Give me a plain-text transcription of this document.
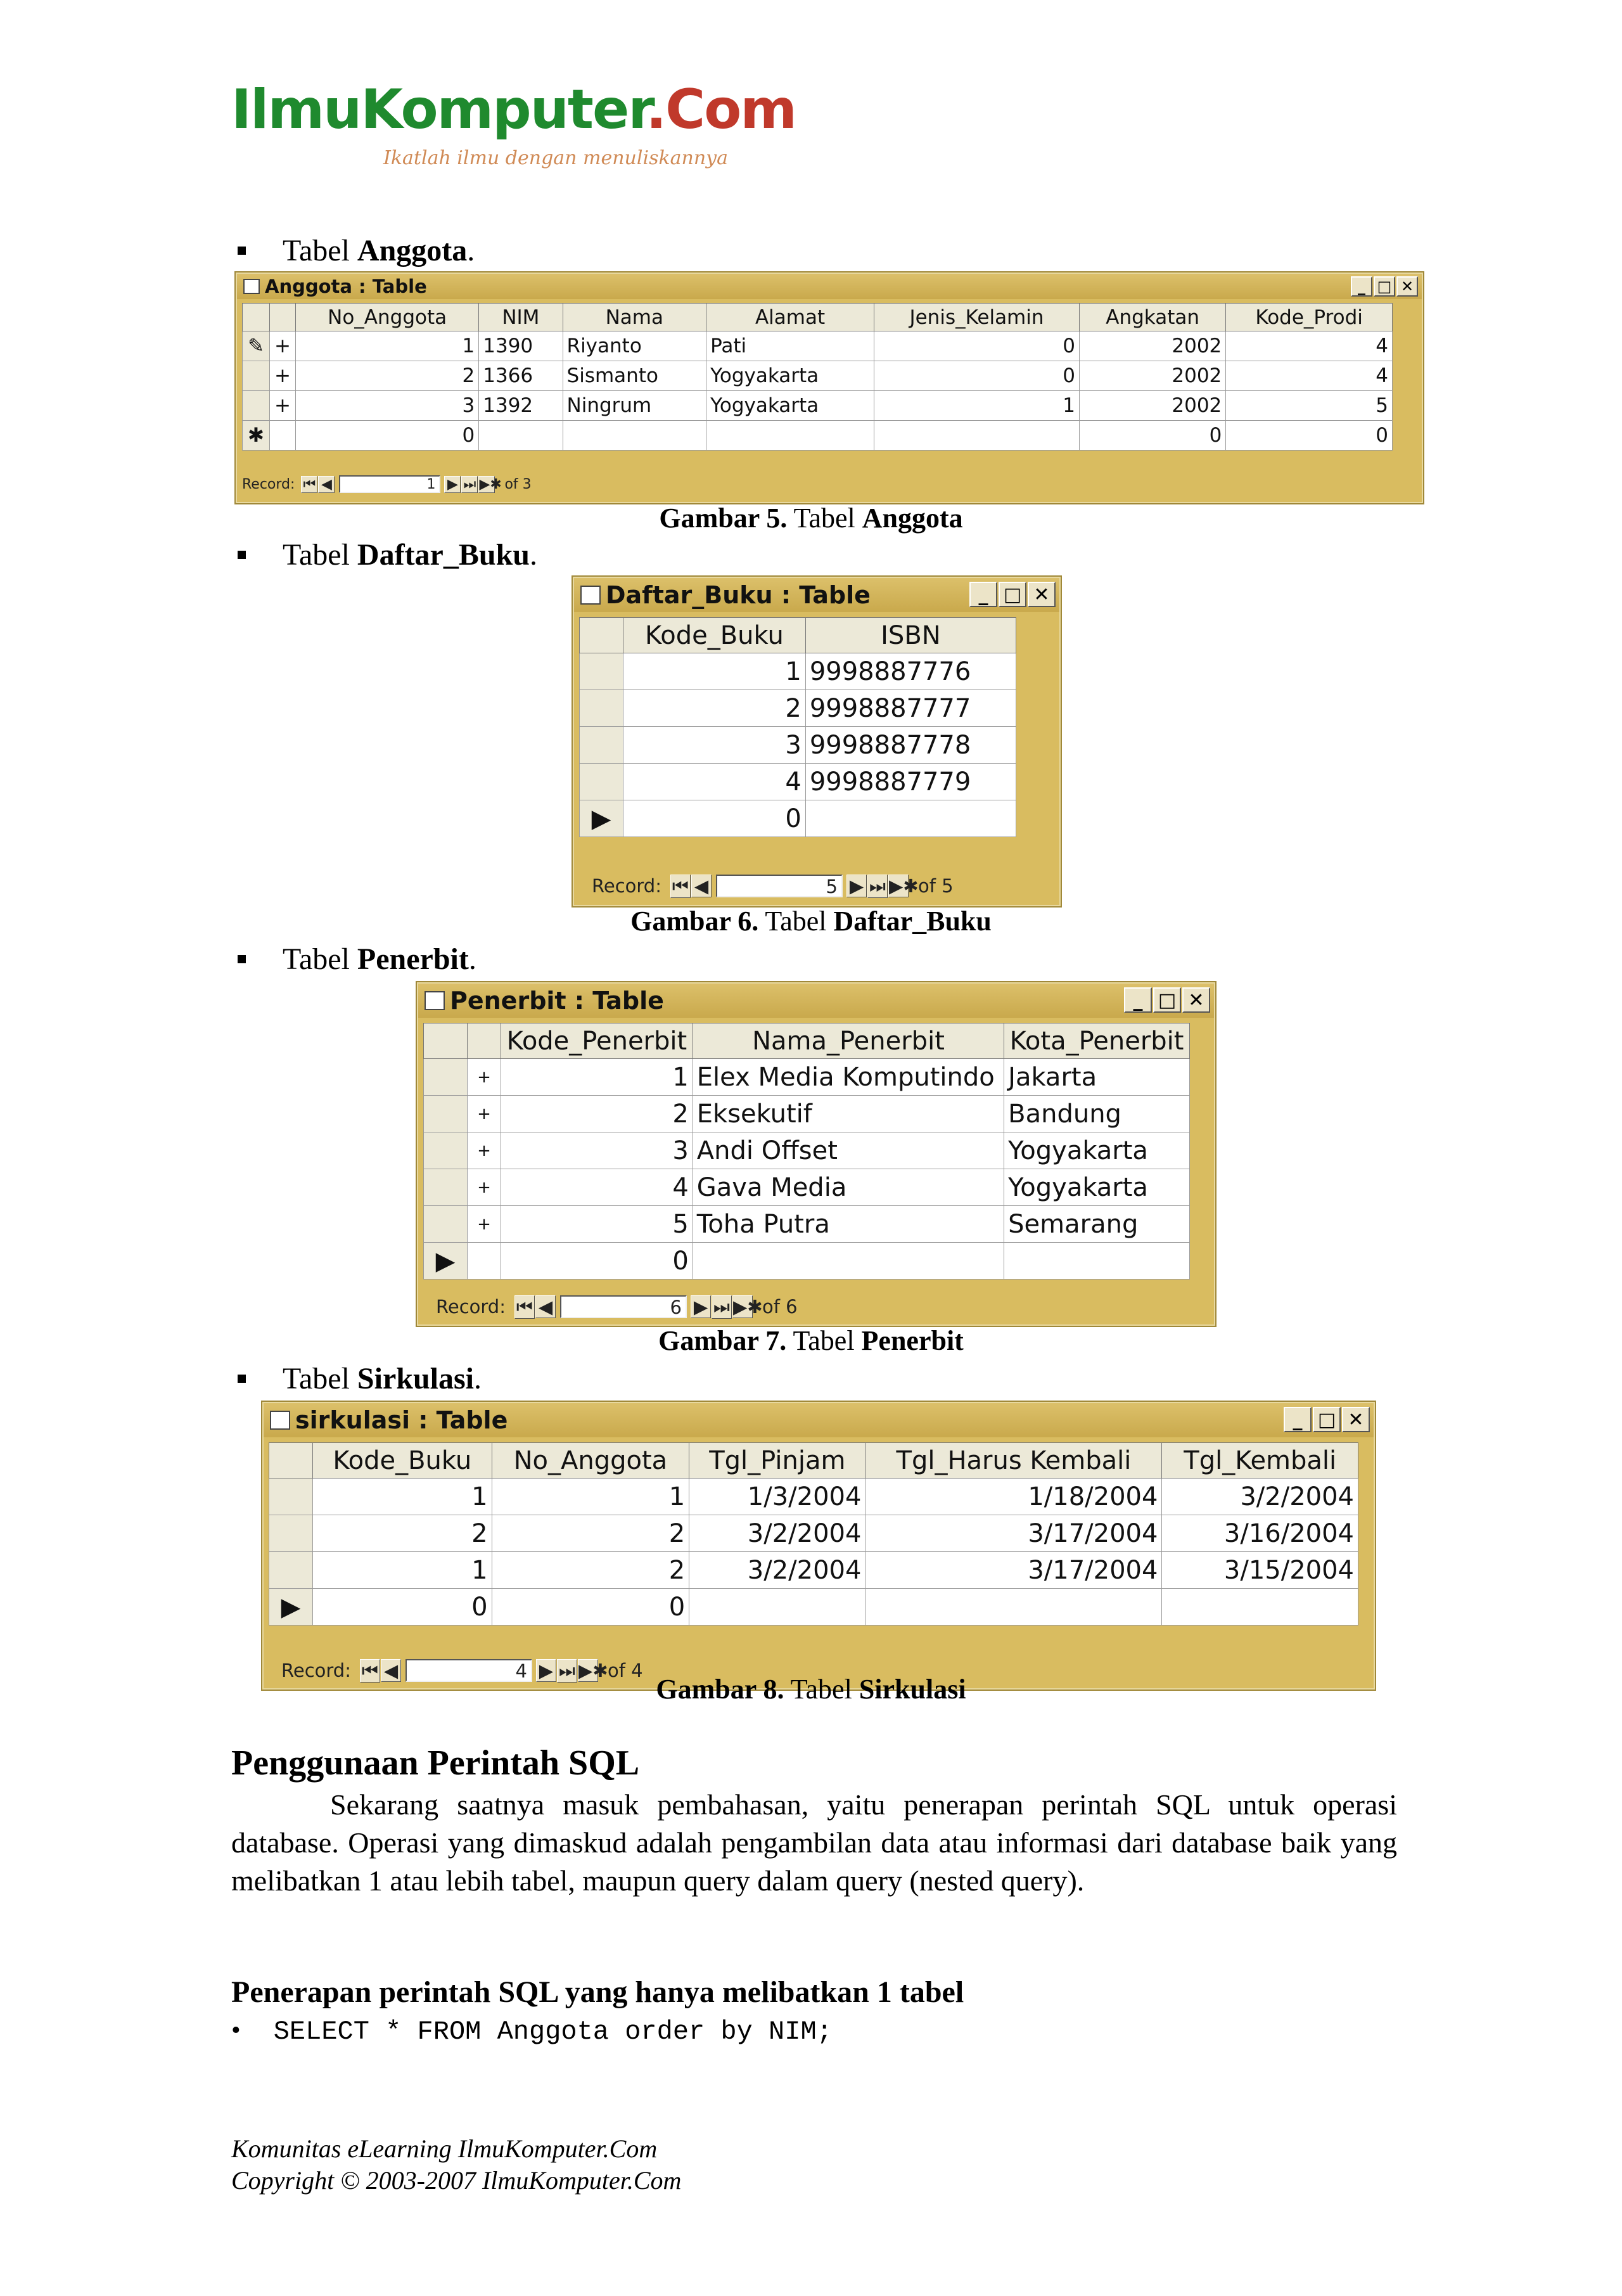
IlmuKomputer.Com
Ikatlah ilmu dengan menuliskannya
Tabel Anggota.
Anggota : Table	_ □ ✕
		No_Anggota	NIM	Nama	Alamat	Jenis_Kelamin	Angkatan	Kode_Prodi
✎	+	1	1390	Riyanto	Pati	0	2002	4
	+	2	1366	Sismanto	Yogyakarta	0	2002	4
	+	3	1392	Ningrum	Yogyakarta	1	2002	5
✱		0					0	0
Record: ⏮ ◀	1 ▶ ⏭ ▶✱ of 3
Gambar 5. Tabel Anggota
Tabel Daftar_Buku.
Daftar_Buku : Table	_ □ ✕
	Kode_Buku	ISBN
	1	9998887776
	2	9998887777
	3	9998887778
	4	9998887779
▶	0	
Record: ⏮ ◀	5 ▶ ⏭ ▶✱ of 5
Gambar 6. Tabel Daftar_Buku
Tabel Penerbit.
Penerbit : Table	_ □ ✕
		Kode_Penerbit	Nama_Penerbit	Kota_Penerbit
	+	1	Elex Media Komputindo	Jakarta
	+	2	Eksekutif	Bandung
	+	3	Andi Offset	Yogyakarta
	+	4	Gava Media	Yogyakarta
	+	5	Toha Putra	Semarang
▶		0		
Record: ⏮ ◀	6 ▶ ⏭ ▶✱ of 6
Gambar 7. Tabel Penerbit
Tabel Sirkulasi.
sirkulasi : Table	_ □ ✕
	Kode_Buku	No_Anggota	Tgl_Pinjam	Tgl_Harus Kembali	Tgl_Kembali
	1	1	1/3/2004	1/18/2004	3/2/2004
	2	2	3/2/2004	3/17/2004	3/16/2004
	1	2	3/2/2004	3/17/2004	3/15/2004
▶	0	0			
Record: ⏮ ◀	4 ▶ ⏭ ▶✱ of 4
Gambar 8. Tabel Sirkulasi
Penggunaan Perintah SQL
Sekarang saatnya masuk pembahasan, yaitu penerapan perintah SQL untuk operasi database. Operasi yang dimaskud adalah pengambilan data atau informasi dari database baik yang melibatkan 1 atau lebih tabel, maupun query dalam query (nested query).
Penerapan perintah SQL yang hanya melibatkan 1 tabel
• SELECT * FROM Anggota order by NIM;
Komunitas eLearning IlmuKomputer.Com
Copyright © 2003-2007 IlmuKomputer.Com
